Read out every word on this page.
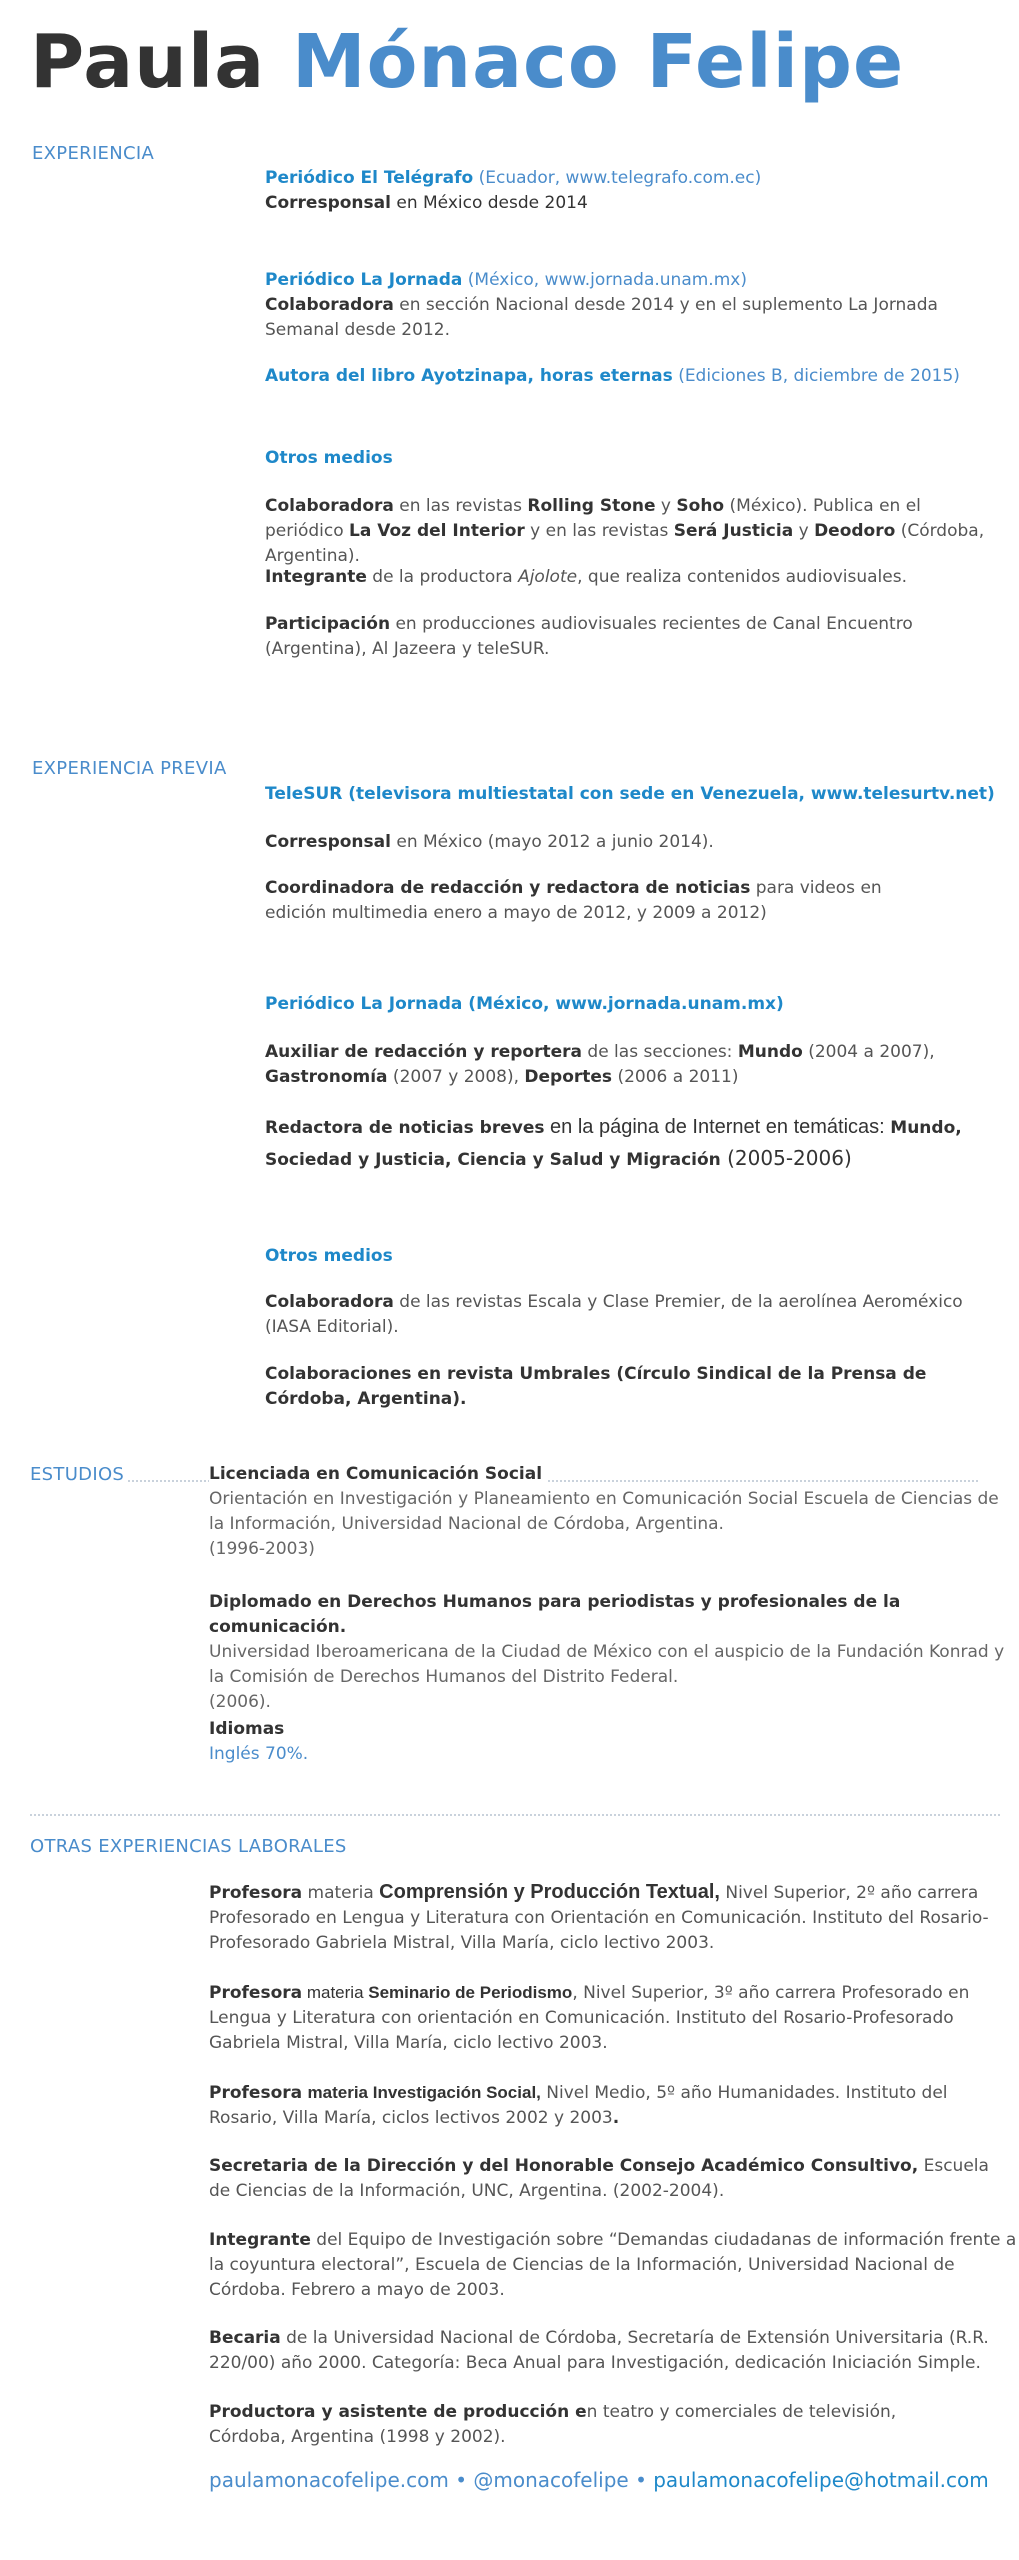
Paula Mónaco Felipe
EXPERIENCIA

Periódico El Telégrafo (Ecuador, www.telegrafo.com.ec)

Corresponsal en México desde 2014

Periódico La Jornada (México, www.jornada.unam.mx)

Colaboradora en sección Nacional desde 2014 y en el suplemento La Jornada Semanal desde 2012.

Autora del libro Ayotzinapa, horas eternas (Ediciones B, diciembre de 2015)

Otros medios

Colaboradora en las revistas Rolling Stone y Soho (México). Publica en el periódico La Voz del Interior y en las revistas Será Justicia y Deodoro (Córdoba, Argentina).

Integrante de la productora Ajolote, que realiza contenidos audiovisuales.

Participación en producciones audiovisuales recientes de Canal Encuentro (Argentina), Al Jazeera y teleSUR.

EXPERIENCIA PREVIA

TeleSUR (televisora multiestatal con sede en Venezuela, www.telesurtv.net)

Corresponsal en México (mayo 2012 a junio 2014).

Coordinadora de redacción y redactora de noticias para videos en edición multimedia enero a mayo de 2012, y 2009 a 2012)

Periódico La Jornada (México, www.jornada.unam.mx)

Auxiliar de redacción y reportera de las secciones: Mundo (2004 a 2007), Gastronomía (2007 y 2008), Deportes (2006 a 2011)

Redactora de noticias breves en la página de Internet en temáticas: Mundo, Sociedad y Justicia, Ciencia y Salud y Migración (2005-2006)

Otros medios

Colaboradora de las revistas Escala y Clase Premier, de la aerolínea Aeroméxico (IASA Editorial).

Colaboraciones en revista Umbrales (Círculo Sindical de la Prensa de Córdoba, Argentina).

ESTUDIOS	Licenciada en Comunicación Social

Orientación en Investigación y Planeamiento en Comunicación Social Escuela de Ciencias de la Información, Universidad Nacional de Córdoba, Argentina.

(1996-2003)

Diplomado en Derechos Humanos para periodistas y profesionales de la comunicación.

Universidad Iberoamericana de la Ciudad de México con el auspicio de la Fundación Konrad y la Comisión de Derechos Humanos del Distrito Federal.

(2006).

Idiomas

Inglés 70%.

OTRAS EXPERIENCIAS LABORALES

Profesora materia Comprensión y Producción Textual, Nivel Superior, 2º año carrera Profesorado en Lengua y Literatura con Orientación en Comunicación. Instituto del Rosario-Profesorado Gabriela Mistral, Villa María, ciclo lectivo 2003.

Profesora materia Seminario de Periodismo, Nivel Superior, 3º año carrera Profesorado en Lengua y Literatura con orientación en Comunicación. Instituto del Rosario-Profesorado Gabriela Mistral, Villa María, ciclo lectivo 2003.

Profesora materia Investigación Social, Nivel Medio, 5º año Humanidades. Instituto del Rosario, Villa María, ciclos lectivos 2002 y 2003.

Secretaria de la Dirección y del Honorable Consejo Académico Consultivo, Escuela de Ciencias de la Información, UNC, Argentina. (2002-2004).

Integrante del Equipo de Investigación sobre “Demandas ciudadanas de información frente a la coyuntura electoral”, Escuela de Ciencias de la Información, Universidad Nacional de Córdoba. Febrero a mayo de 2003.

Becaria de la Universidad Nacional de Córdoba, Secretaría de Extensión Universitaria (R.R. 220/00) año 2000. Categoría: Beca Anual para Investigación, dedicación Iniciación Simple.

Productora y asistente de producción en teatro y comerciales de televisión, Córdoba, Argentina (1998 y 2002).

paulamonacofelipe.com • @monacofelipe • paulamonacofelipe@hotmail.com
